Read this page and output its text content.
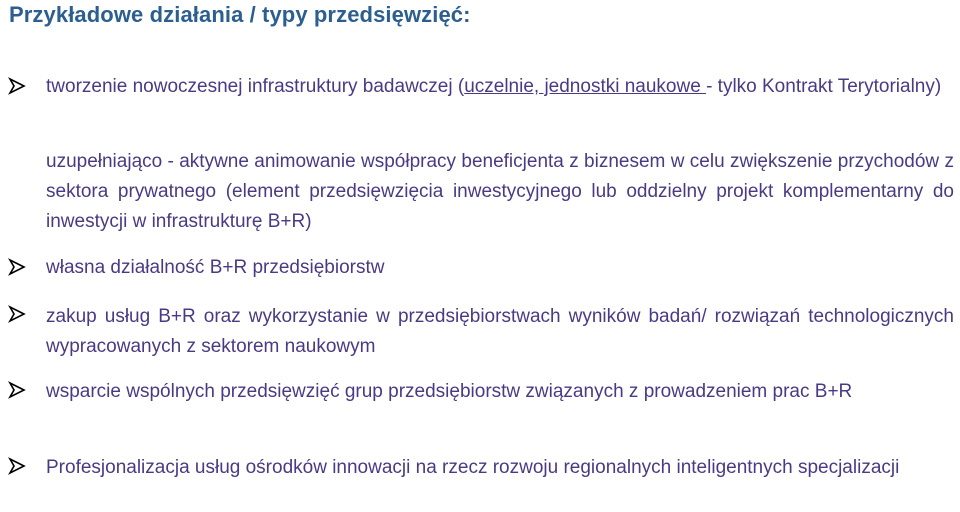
Przykładowe działania / typy przedsięwzięć:
tworzenie nowoczesnej infrastruktury badawczej (uczelnie, jednostki naukowe - tylko Kontrakt Terytorialny)
uzupełniająco - aktywne animowanie współpracy beneficjenta z biznesem w celu zwiększenie przychodów z sektora prywatnego (element przedsięwzięcia inwestycyjnego lub oddzielny projekt komplementarny do inwestycji w infrastrukturę B+R)
własna działalność B+R przedsiębiorstw
zakup usług B+R oraz wykorzystanie w przedsiębiorstwach wyników badań/ rozwiązań technologicznych wypracowanych z sektorem naukowym
wsparcie wspólnych przedsięwzięć grup przedsiębiorstw związanych z prowadzeniem prac B+R
Profesjonalizacja usług ośrodków innowacji na rzecz rozwoju regionalnych inteligentnych specjalizacji
